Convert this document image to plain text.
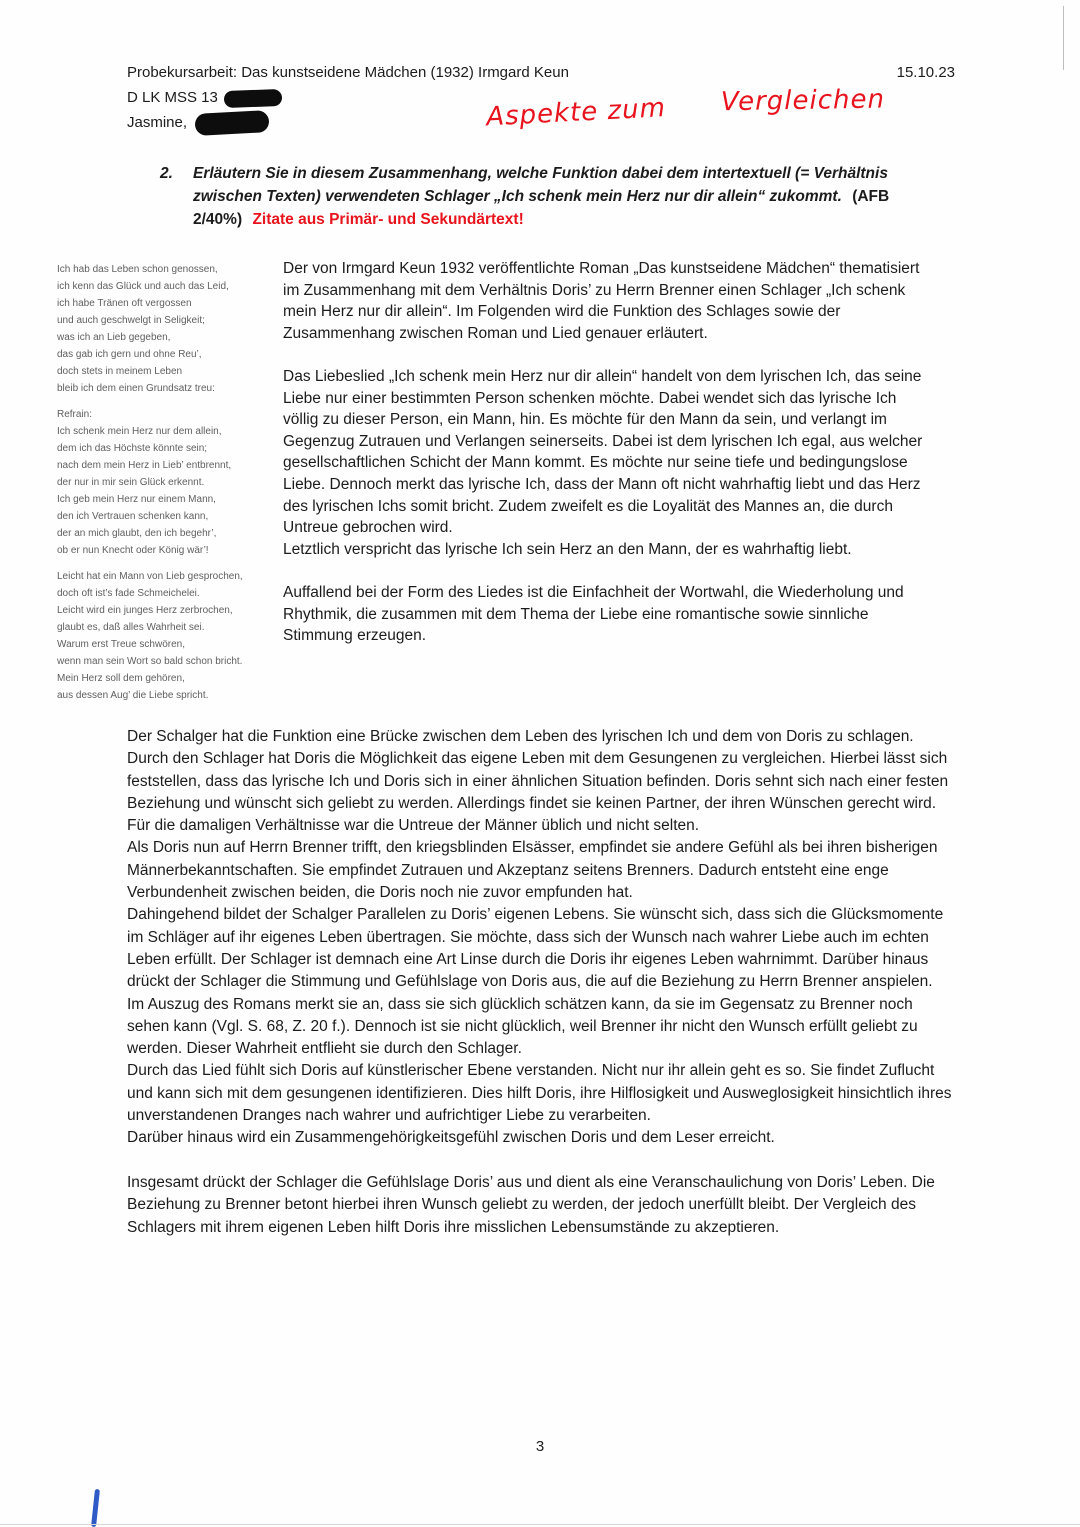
Probekursarbeit: Das kunstseidene Mädchen (1932) Irmgard Keun	15.10.23
D LK MSS 13
Jasmine,	Aspekte zum Vergleichen
2.	Erläutern Sie in diesem Zusammenhang, welche Funktion dabei dem intertextuell (= Verhältnis zwischen Texten) verwendeten Schlager „Ich schenk mein Herz nur dir allein“ zukommt. (AFB 2/40%) Zitate aus Primär- und Sekundärtext!

Ich hab das Leben schon genossen,

ich kenn das Glück und auch das Leid,

ich habe Tränen oft vergossen

und auch geschwelgt in Seligkeit;

was ich an Lieb gegeben,

das gab ich gern und ohne Reu’,

doch stets in meinem Leben

bleib ich dem einen Grundsatz treu:

Refrain:

Ich schenk mein Herz nur dem allein,

dem ich das Höchste könnte sein;

nach dem mein Herz in Lieb’ entbrennt,

der nur in mir sein Glück erkennt.

Ich geb mein Herz nur einem Mann,

den ich Vertrauen schenken kann,

der an mich glaubt, den ich begehr’,

ob er nun Knecht oder König wär’!

Leicht hat ein Mann von Lieb gesprochen,

doch oft ist’s fade Schmeichelei.

Leicht wird ein junges Herz zerbrochen,

glaubt es, daß alles Wahrheit sei.

Warum erst Treue schwören,

wenn man sein Wort so bald schon bricht.

Mein Herz soll dem gehören,

aus dessen Aug’ die Liebe spricht.

Der von Irmgard Keun 1932 veröffentlichte Roman „Das kunstseidene Mädchen“ thematisiert im Zusammenhang mit dem Verhältnis Doris’ zu Herrn Brenner einen Schlager „Ich schenk mein Herz nur dir allein“. Im Folgenden wird die Funktion des Schlages sowie der Zusammenhang zwischen Roman und Lied genauer erläutert.

Das Liebeslied „Ich schenk mein Herz nur dir allein“ handelt von dem lyrischen Ich, das seine Liebe nur einer bestimmten Person schenken möchte. Dabei wendet sich das lyrische Ich völlig zu dieser Person, ein Mann, hin. Es möchte für den Mann da sein, und verlangt im Gegenzug Zutrauen und Verlangen seinerseits. Dabei ist dem lyrischen Ich egal, aus welcher gesellschaftlichen Schicht der Mann kommt. Es möchte nur seine tiefe und bedingungslose Liebe. Dennoch merkt das lyrische Ich, dass der Mann oft nicht wahrhaftig liebt und das Herz des lyrischen Ichs somit bricht. Zudem zweifelt es die Loyalität des Mannes an, die durch Untreue gebrochen wird.

Letztlich verspricht das lyrische Ich sein Herz an den Mann, der es wahrhaftig liebt.

Auffallend bei der Form des Liedes ist die Einfachheit der Wortwahl, die Wiederholung und Rhythmik, die zusammen mit dem Thema der Liebe eine romantische sowie sinnliche Stimmung erzeugen.

Der Schalger hat die Funktion eine Brücke zwischen dem Leben des lyrischen Ich und dem von Doris zu schlagen. Durch den Schlager hat Doris die Möglichkeit das eigene Leben mit dem Gesungenen zu vergleichen. Hierbei lässt sich feststellen, dass das lyrische Ich und Doris sich in einer ähnlichen Situation befinden. Doris sehnt sich nach einer festen Beziehung und wünscht sich geliebt zu werden. Allerdings findet sie keinen Partner, der ihren Wünschen gerecht wird. Für die damaligen Verhältnisse war die Untreue der Männer üblich und nicht selten.

Als Doris nun auf Herrn Brenner trifft, den kriegsblinden Elsässer, empfindet sie andere Gefühl als bei ihren bisherigen Männerbekanntschaften. Sie empfindet Zutrauen und Akzeptanz seitens Brenners. Dadurch entsteht eine enge Verbundenheit zwischen beiden, die Doris noch nie zuvor empfunden hat.

Dahingehend bildet der Schalger Parallelen zu Doris’ eigenen Lebens. Sie wünscht sich, dass sich die Glücksmomente im Schläger auf ihr eigenes Leben übertragen. Sie möchte, dass sich der Wunsch nach wahrer Liebe auch im echten Leben erfüllt. Der Schlager ist demnach eine Art Linse durch die Doris ihr eigenes Leben wahrnimmt. Darüber hinaus drückt der Schlager die Stimmung und Gefühlslage von Doris aus, die auf die Beziehung zu Herrn Brenner anspielen.

Im Auszug des Romans merkt sie an, dass sie sich glücklich schätzen kann, da sie im Gegensatz zu Brenner noch sehen kann (Vgl. S. 68, Z. 20 f.). Dennoch ist sie nicht glücklich, weil Brenner ihr nicht den Wunsch erfüllt geliebt zu werden. Dieser Wahrheit entflieht sie durch den Schlager.

Durch das Lied fühlt sich Doris auf künstlerischer Ebene verstanden. Nicht nur ihr allein geht es so. Sie findet Zuflucht und kann sich mit dem gesungenen identifizieren. Dies hilft Doris, ihre Hilflosigkeit und Ausweglosigkeit hinsichtlich ihres unverstandenen Dranges nach wahrer und aufrichtiger Liebe zu verarbeiten.

Darüber hinaus wird ein Zusammengehörigkeitsgefühl zwischen Doris und dem Leser erreicht.

Insgesamt drückt der Schlager die Gefühlslage Doris’ aus und dient als eine Veranschaulichung von Doris’ Leben. Die Beziehung zu Brenner betont hierbei ihren Wunsch geliebt zu werden, der jedoch unerfüllt bleibt. Der Vergleich des Schlagers mit ihrem eigenen Leben hilft Doris ihre misslichen Lebensumstände zu akzeptieren.

3
